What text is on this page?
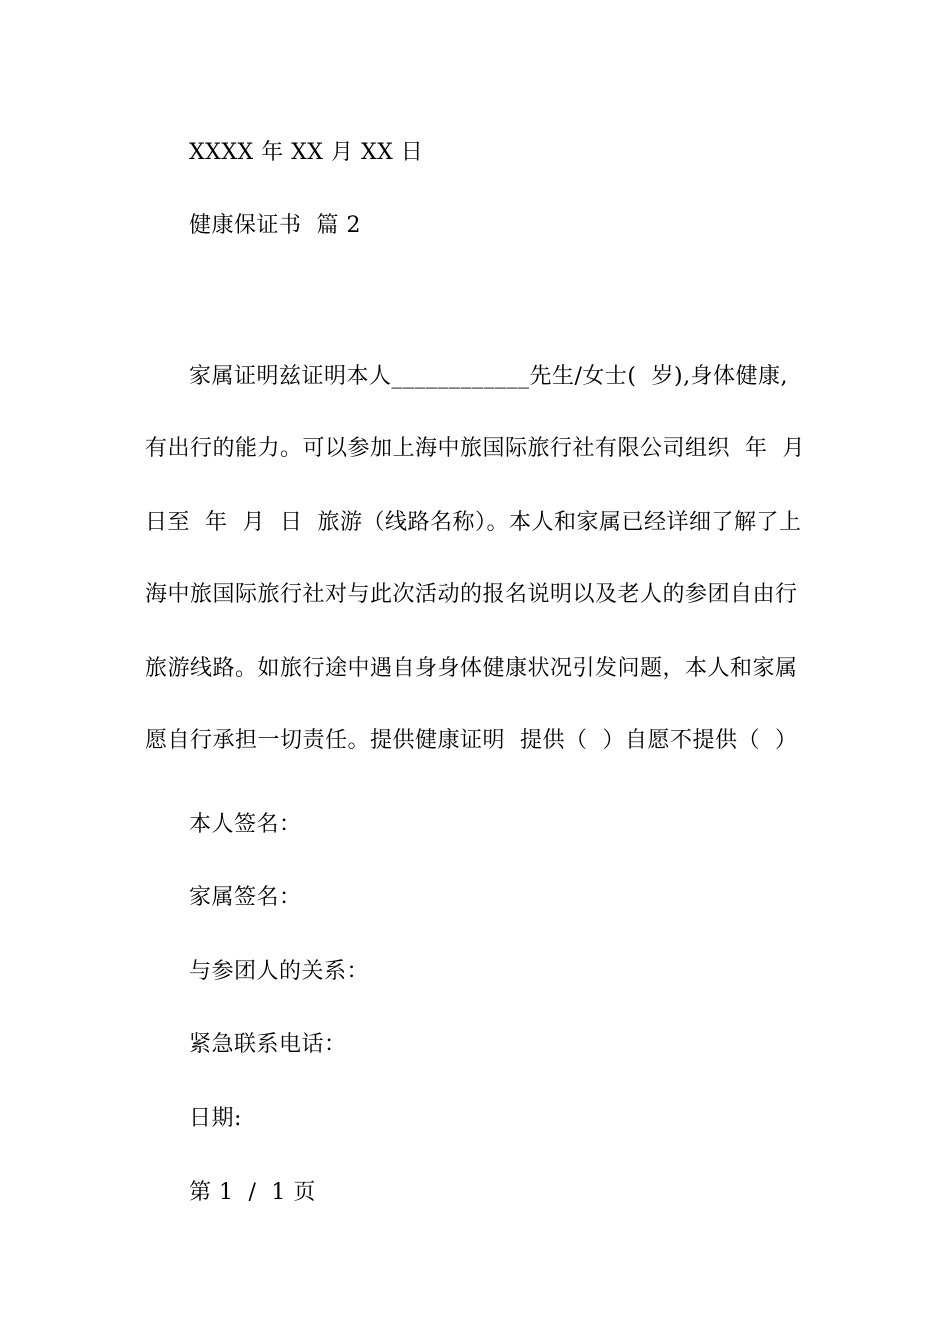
XXXX 年 XX 月 XX 日
健康保证书  篇 2
家属证明兹证明本人____________先生/女士(  岁),身体健康,
有出行的能力。可以参加上海中旅国际旅行社有限公司组织  年  月
日至  年  月  日  旅游（线路名称）。本人和家属已经详细了解了上
海中旅国际旅行社对与此次活动的报名说明以及老人的参团自由行
旅游线路。如旅行途中遇自身身体健康状况引发问题，本人和家属
愿自行承担一切责任。提供健康证明  提供（  ）自愿不提供（  ）
本人签名：
家属签名：
与参团人的关系：
紧急联系电话：
日期:
第 1  /  1 页
